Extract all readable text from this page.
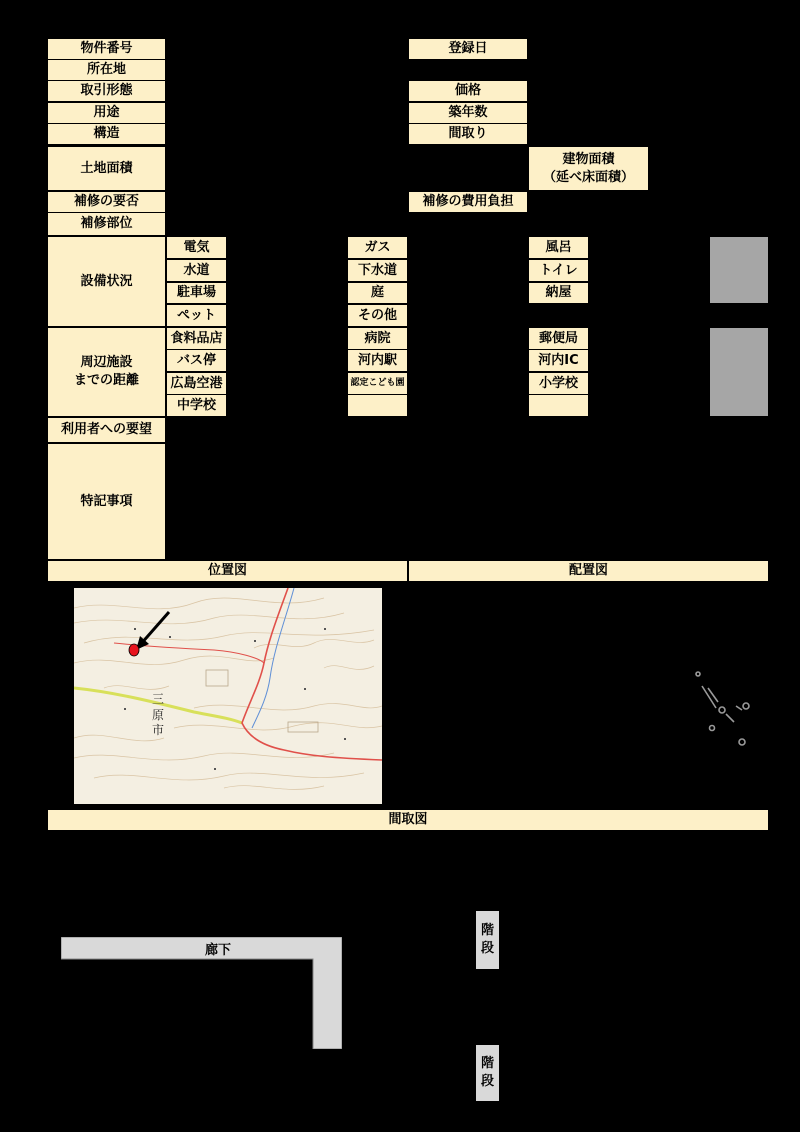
物件番号
所在地
取引形態
用途
構造
土地面積
補修の要否
補修部位
設備状況
周辺施設
までの距離
利用者への要望
特記事項
登録日
価格
築年数
間取り
建物面積
（延べ床面積）
補修の費用負担
電気
水道
駐車場
ペット
ガス
下水道
庭
その他
風呂
トイレ
納屋
食料品店
バス停
広島空港
中学校
病院
河内駅
認定こども園
郵便局
河内IC
小学校
位置図	配置図
間取図
三
原
市
廊下
階
段
階
段
